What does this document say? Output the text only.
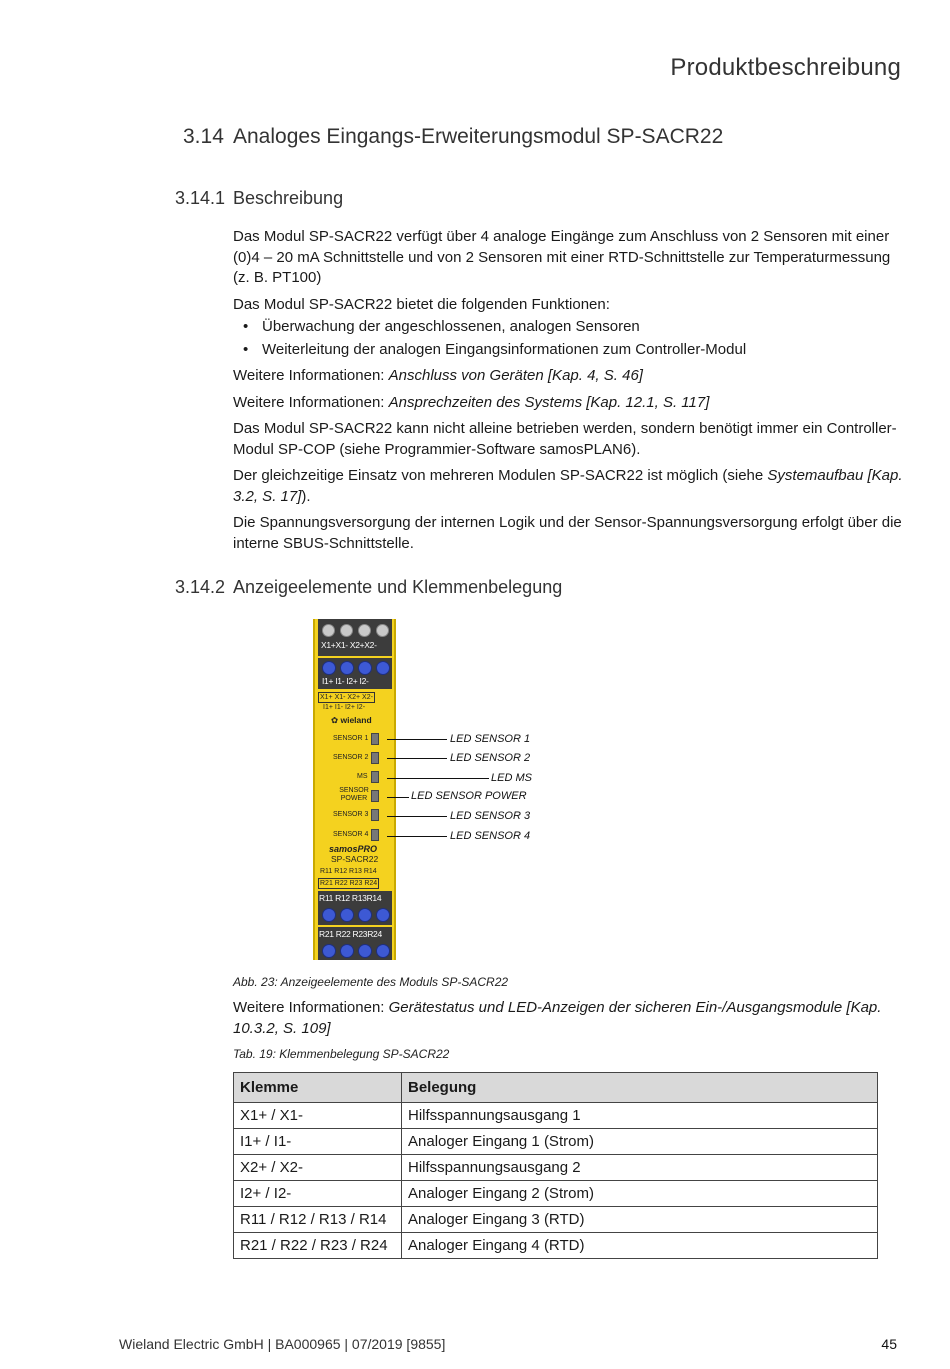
Produktbeschreibung
3.14 Analoges Eingangs-Erweiterungsmodul SP-SACR22
3.14.1 Beschreibung

Das Modul SP-SACR22 verfügt über 4 analoge Eingänge zum Anschluss von 2 Sensoren mit einer (0)4 – 20 mA Schnittstelle und von 2 Sensoren mit einer RTD-Schnittstelle zur Temperaturmessung (z. B. PT100)

Das Modul SP-SACR22 bietet die folgenden Funktionen:

• Überwachung der angeschlossenen, analogen Sensoren
• Weiterleitung der analogen Eingangsinformationen zum Controller-Modul

Weitere Informationen: Anschluss von Geräten [Kap. 4, S. 46]

Weitere Informationen: Ansprechzeiten des Systems [Kap. 12.1, S. 117]

Das Modul SP-SACR22 kann nicht alleine betrieben werden, sondern benötigt immer ein Controller-Modul SP-COP (siehe Programmier-Software samosPLAN6).

Der gleichzeitige Einsatz von mehreren Modulen SP-SACR22 ist möglich (siehe Systemaufbau [Kap. 3.2, S. 17]).

Die Spannungsversorgung der internen Logik und der Sensor-Spannungsversorgung erfolgt über die interne SBUS-Schnittstelle.

3.14.2 Anzeigeelemente und Klemmenbelegung
X1+X1- X2+X2-
I1+ I1- I2+ I2-
X1+ X1- X2+ X2-
I1+ I1- I2+ I2-
✿ wieland
SENSOR 1
SENSOR 2
MS
SENSOR POWER
SENSOR 3
SENSOR 4
samosPRO
SP-SACR22
R11 R12 R13 R14
R21 R22 R23 R24
R11 R12 R13R14
R21 R22 R23R24
LED SENSOR 1
LED SENSOR 2
LED MS
LED SENSOR POWER
LED SENSOR 3
LED SENSOR 4
Abb. 23: Anzeigeelemente des Moduls SP-SACR22

Weitere Informationen: Gerätestatus und LED-Anzeigen der sicheren Ein-/Ausgangsmodule [Kap. 10.3.2, S. 109]

Tab. 19: Klemmenbelegung SP-SACR22
Klemme	Belegung
X1+ / X1-	Hilfsspannungsausgang 1
I1+ / I1-	Analoger Eingang 1 (Strom)
X2+ / X2-	Hilfsspannungsausgang 2
I2+ / I2-	Analoger Eingang 2 (Strom)
R11 / R12 / R13 / R14	Analoger Eingang 3 (RTD)
R21 / R22 / R23 / R24	Analoger Eingang 4 (RTD)
Wieland Electric GmbH | BA000965 | 07/2019 [9855]	45
